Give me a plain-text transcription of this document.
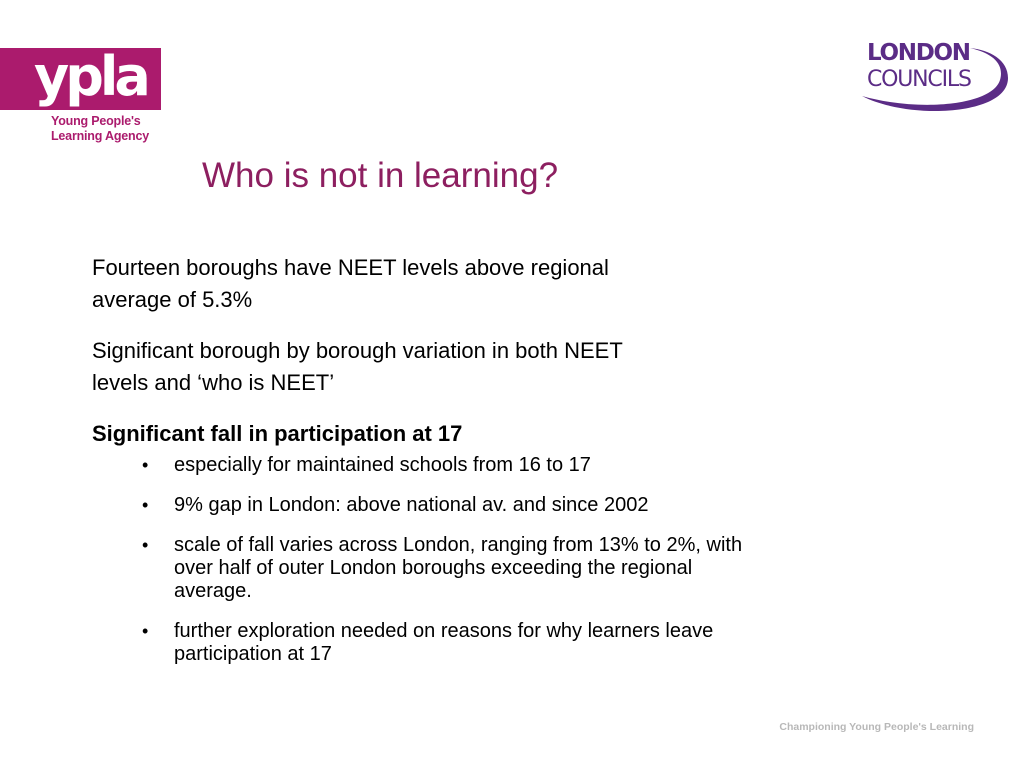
ypla
Young People's
Learning Agency
LONDON
COUNCILS
Who is not in learning?

Fourteen boroughs have NEET levels above regional
average of 5.3%

Significant borough by borough variation in both NEET
levels and ‘who is NEET’

Significant fall in participation at 17

• especially for maintained schools from 16 to 17
• 9% gap in London: above national av. and since 2002
• scale of fall varies across London, ranging from 13% to 2%, with
over half of outer London boroughs exceeding the regional
average.
• further exploration needed on reasons for why learners leave
participation at 17
Championing Young People's Learning
